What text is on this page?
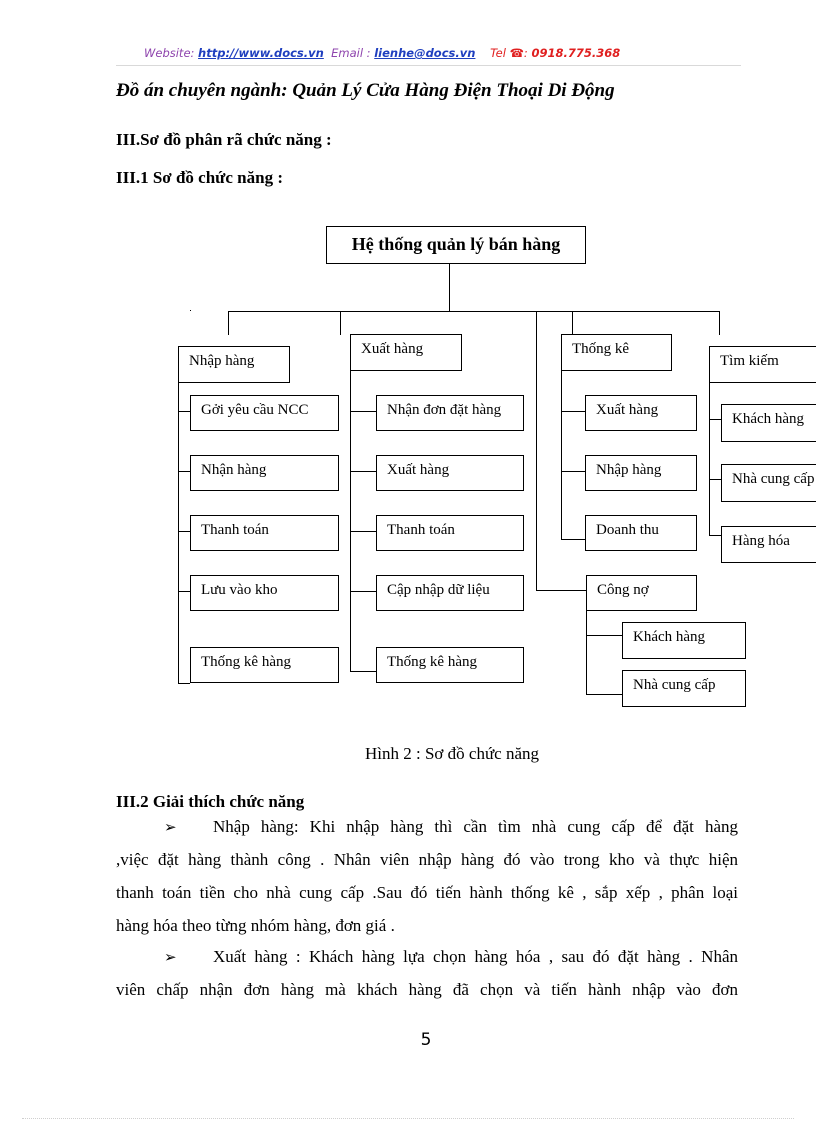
Website: http://www.docs.vn Email : lienhe@docs.vn Tel ☎: 0918.775.368
Đồ án chuyên ngành: Quản Lý Cửa Hàng Điện Thoại Di Động
III.Sơ đồ phân rã chức năng :
III.1 Sơ đồ chức năng :
Nhập hàng
Gởi yêu cầu NCC
Nhận hàng
Thanh toán
Lưu vào kho
Thống kê hàng
Xuất hàng
Nhận đơn đặt hàng
Xuất hàng
Thanh toán
Cập nhập dữ liệu
Thống kê hàng
Thống kê
Xuất hàng
Nhập hàng
Doanh thu
Công nợ
Khách hàng
Nhà cung cấp
Tìm kiếm
Khách hàng
Nhà cung cấp
Hàng hóa
Hệ thống quản lý bán hàng
Hình 2 : Sơ đồ chức năng
III.2 Giải thích chức năng
➢ Nhập hàng: Khi nhập hàng thì cần tìm nhà cung cấp để đặt hàng
,việc đặt hàng thành công . Nhân viên nhập hàng đó vào trong kho và thực hiện
thanh toán tiền cho nhà cung cấp .Sau đó tiến hành thống kê , sắp xếp , phân loại
hàng hóa theo từng nhóm hàng, đơn giá .
➢ Xuất hàng : Khách hàng lựa chọn hàng hóa , sau đó đặt hàng . Nhân
viên chấp nhận đơn hàng mà khách hàng đã chọn và tiến hành nhập vào đơn
5
